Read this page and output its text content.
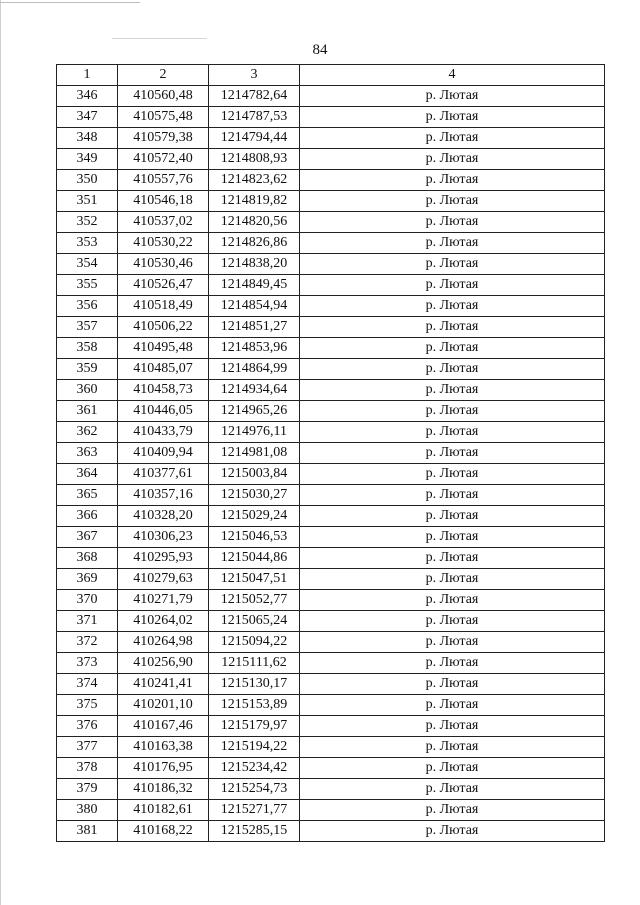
84
1	2	3	4
346	410560,48	1214782,64	р. Лютая
347	410575,48	1214787,53	р. Лютая
348	410579,38	1214794,44	р. Лютая
349	410572,40	1214808,93	р. Лютая
350	410557,76	1214823,62	р. Лютая
351	410546,18	1214819,82	р. Лютая
352	410537,02	1214820,56	р. Лютая
353	410530,22	1214826,86	р. Лютая
354	410530,46	1214838,20	р. Лютая
355	410526,47	1214849,45	р. Лютая
356	410518,49	1214854,94	р. Лютая
357	410506,22	1214851,27	р. Лютая
358	410495,48	1214853,96	р. Лютая
359	410485,07	1214864,99	р. Лютая
360	410458,73	1214934,64	р. Лютая
361	410446,05	1214965,26	р. Лютая
362	410433,79	1214976,11	р. Лютая
363	410409,94	1214981,08	р. Лютая
364	410377,61	1215003,84	р. Лютая
365	410357,16	1215030,27	р. Лютая
366	410328,20	1215029,24	р. Лютая
367	410306,23	1215046,53	р. Лютая
368	410295,93	1215044,86	р. Лютая
369	410279,63	1215047,51	р. Лютая
370	410271,79	1215052,77	р. Лютая
371	410264,02	1215065,24	р. Лютая
372	410264,98	1215094,22	р. Лютая
373	410256,90	1215111,62	р. Лютая
374	410241,41	1215130,17	р. Лютая
375	410201,10	1215153,89	р. Лютая
376	410167,46	1215179,97	р. Лютая
377	410163,38	1215194,22	р. Лютая
378	410176,95	1215234,42	р. Лютая
379	410186,32	1215254,73	р. Лютая
380	410182,61	1215271,77	р. Лютая
381	410168,22	1215285,15	р. Лютая
